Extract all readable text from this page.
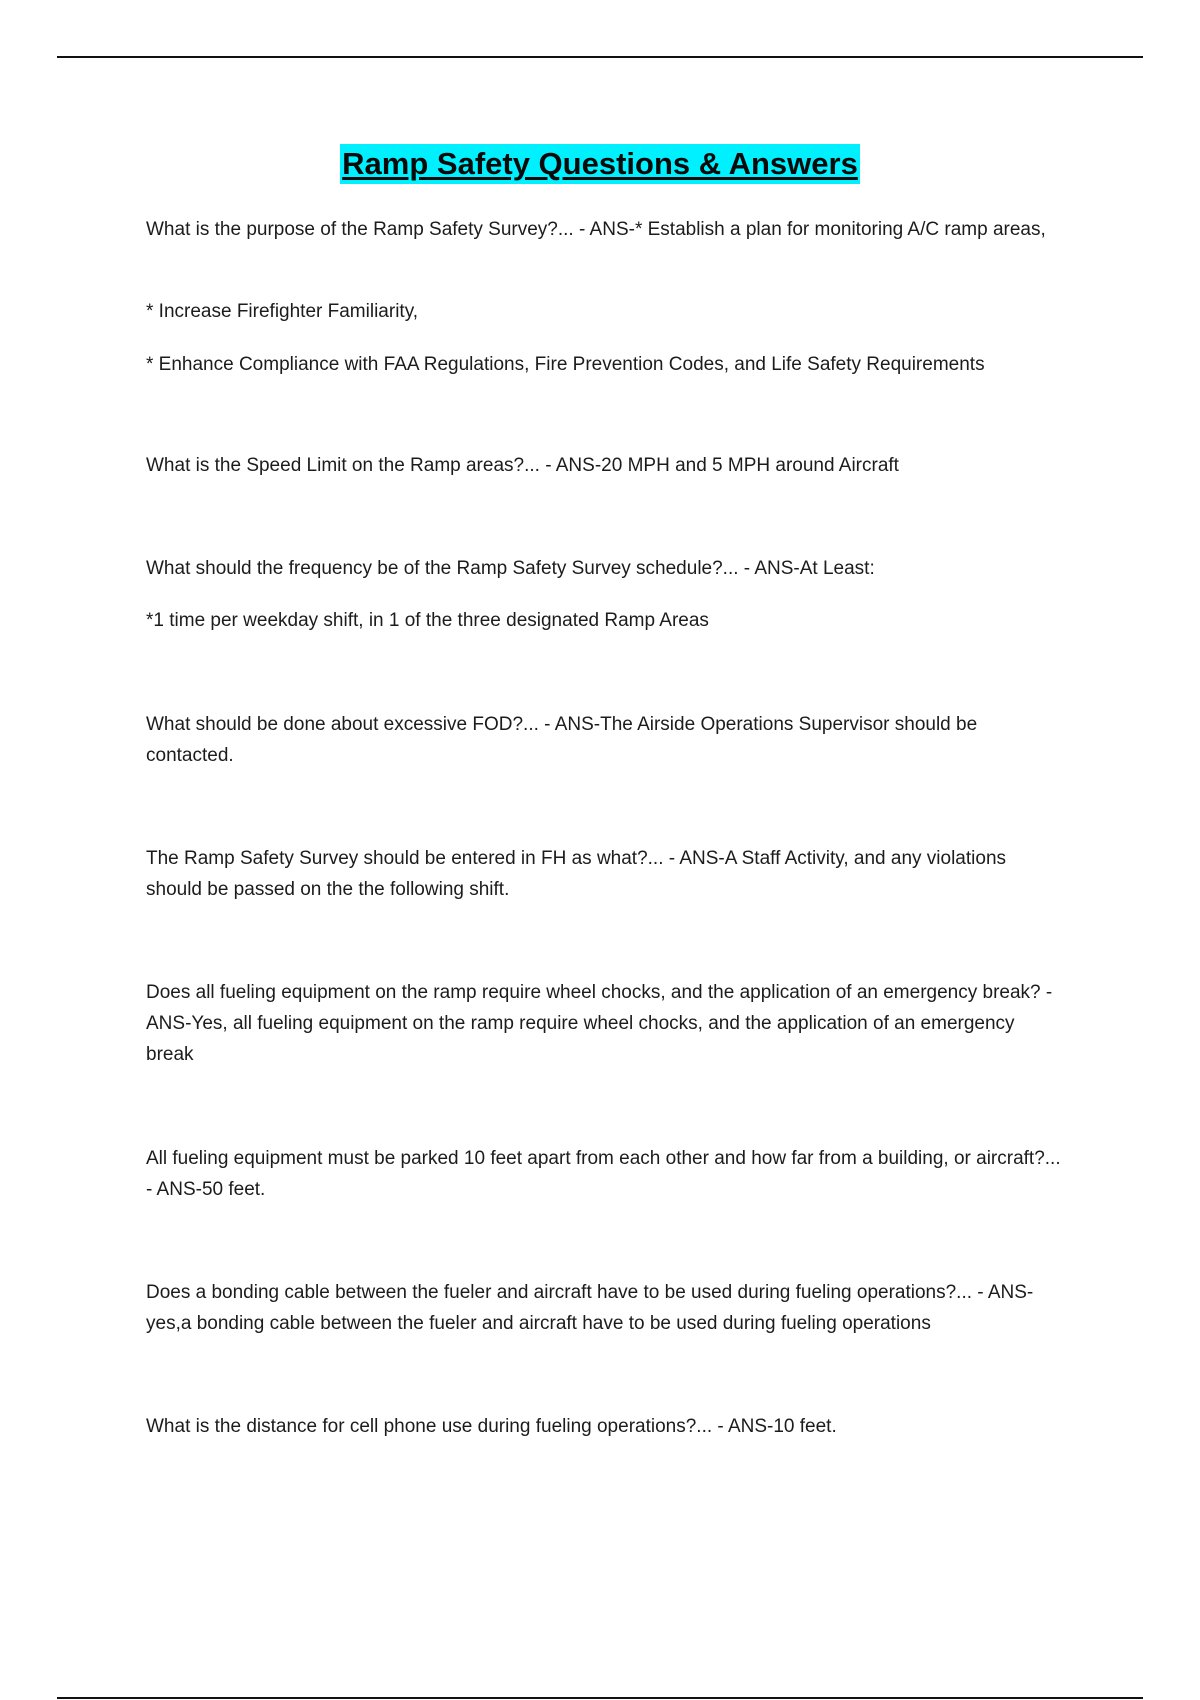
Ramp Safety Questions & Answers

What is the purpose of the Ramp Safety Survey?... - ANS-* Establish a plan for monitoring A/C ramp areas,

* Increase Firefighter Familiarity,

* Enhance Compliance with FAA Regulations, Fire Prevention Codes, and Life Safety Requirements

What is the Speed Limit on the Ramp areas?... - ANS-20 MPH and 5 MPH around Aircraft

What should the frequency be of the Ramp Safety Survey schedule?... - ANS-At Least:

*1 time per weekday shift, in 1 of the three designated Ramp Areas

What should be done about excessive FOD?... - ANS-The Airside Operations Supervisor should be contacted.

The Ramp Safety Survey should be entered in FH as what?... - ANS-A Staff Activity, and any violations should be passed on the the following shift.

Does all fueling equipment on the ramp require wheel chocks, and the application of an emergency break? - ANS-Yes, all fueling equipment on the ramp require wheel chocks, and the application of an emergency break

All fueling equipment must be parked 10 feet apart from each other and how far from a building, or aircraft?... - ANS-50 feet.

Does a bonding cable between the fueler and aircraft have to be used during fueling operations?... - ANS-yes,a bonding cable between the fueler and aircraft have to be used during fueling operations

What is the distance for cell phone use during fueling operations?... - ANS-10 feet.
